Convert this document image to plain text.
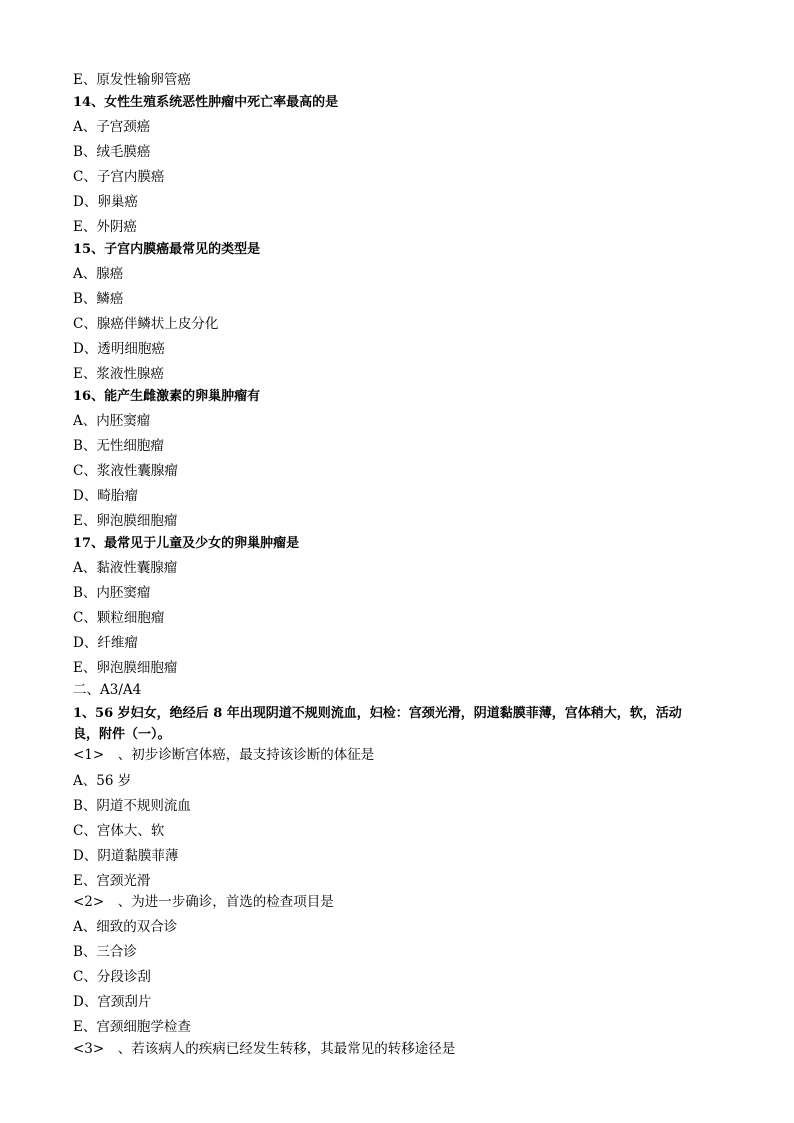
E、原发性输卵管癌
14、女性生殖系统恶性肿瘤中死亡率最高的是
A、子宫颈癌
B、绒毛膜癌
C、子宫内膜癌
D、卵巢癌
E、外阴癌
15、子宫内膜癌最常见的类型是
A、腺癌
B、鳞癌
C、腺癌伴鳞状上皮分化
D、透明细胞癌
E、浆液性腺癌
16、能产生雌激素的卵巢肿瘤有
A、内胚窦瘤
B、无性细胞瘤
C、浆液性囊腺瘤
D、畸胎瘤
E、卵泡膜细胞瘤
17、最常见于儿童及少女的卵巢肿瘤是
A、黏液性囊腺瘤
B、内胚窦瘤
C、颗粒细胞瘤
D、纤维瘤
E、卵泡膜细胞瘤
二、A3/A4
1、56 岁妇女，绝经后 8 年出现阴道不规则流血，妇检：宫颈光滑，阴道黏膜菲薄，宫体稍大，软，活动
良，附件（一）。
<1>　、初步诊断宫体癌，最支持该诊断的体征是
A、56 岁
B、阴道不规则流血
C、宫体大、软
D、阴道黏膜菲薄
E、宫颈光滑
<2>　、为进一步确诊，首选的检查项目是
A、细致的双合诊
B、三合诊
C、分段诊刮
D、宫颈刮片
E、宫颈细胞学检查
<3>　、若该病人的疾病已经发生转移，其最常见的转移途径是
